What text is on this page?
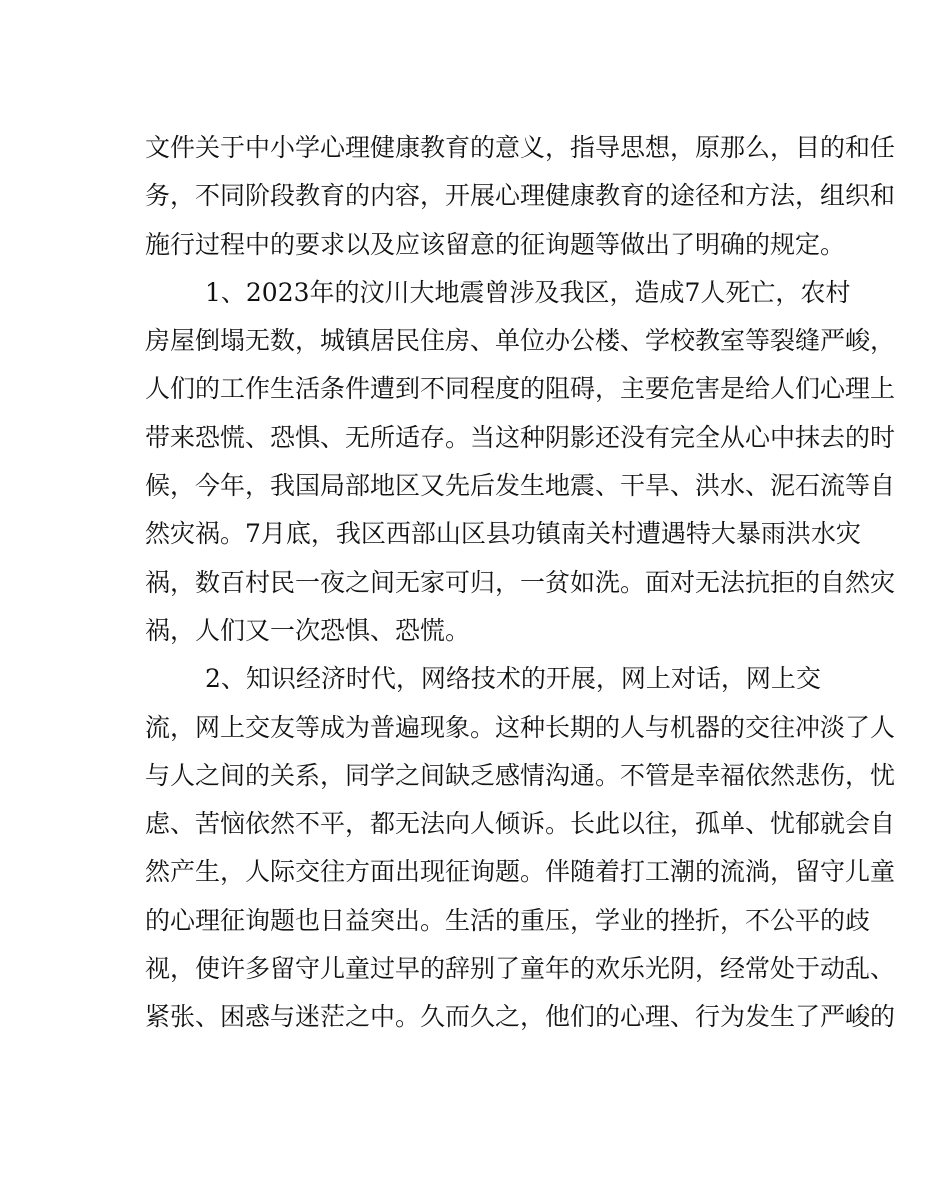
文件关于中小学心理健康教育的意义，指导思想，原那么，目的和任
务，不同阶段教育的内容，开展心理健康教育的途径和方法，组织和
施行过程中的要求以及应该留意的征询题等做出了明确的规定。
1、2023年的汶川大地震曾涉及我区，造成7人死亡，农村
房屋倒塌无数，城镇居民住房、单位办公楼、学校教室等裂缝严峻，
人们的工作生活条件遭到不同程度的阻碍，主要危害是给人们心理上
带来恐慌、恐惧、无所适存。当这种阴影还没有完全从心中抹去的时
候，今年，我国局部地区又先后发生地震、干旱、洪水、泥石流等自
然灾祸。7月底，我区西部山区县功镇南关村遭遇特大暴雨洪水灾
祸，数百村民一夜之间无家可归，一贫如洗。面对无法抗拒的自然灾
祸，人们又一次恐惧、恐慌。
2、知识经济时代，网络技术的开展，网上对话，网上交
流，网上交友等成为普遍现象。这种长期的人与机器的交往冲淡了人
与人之间的关系，同学之间缺乏感情沟通。不管是幸福依然悲伤，忧
虑、苦恼依然不平，都无法向人倾诉。长此以往，孤单、忧郁就会自
然产生，人际交往方面出现征询题。伴随着打工潮的流淌，留守儿童
的心理征询题也日益突出。生活的重压，学业的挫折，不公平的歧
视，使许多留守儿童过早的辞别了童年的欢乐光阴，经常处于动乱、
紧张、困惑与迷茫之中。久而久之，他们的心理、行为发生了严峻的
